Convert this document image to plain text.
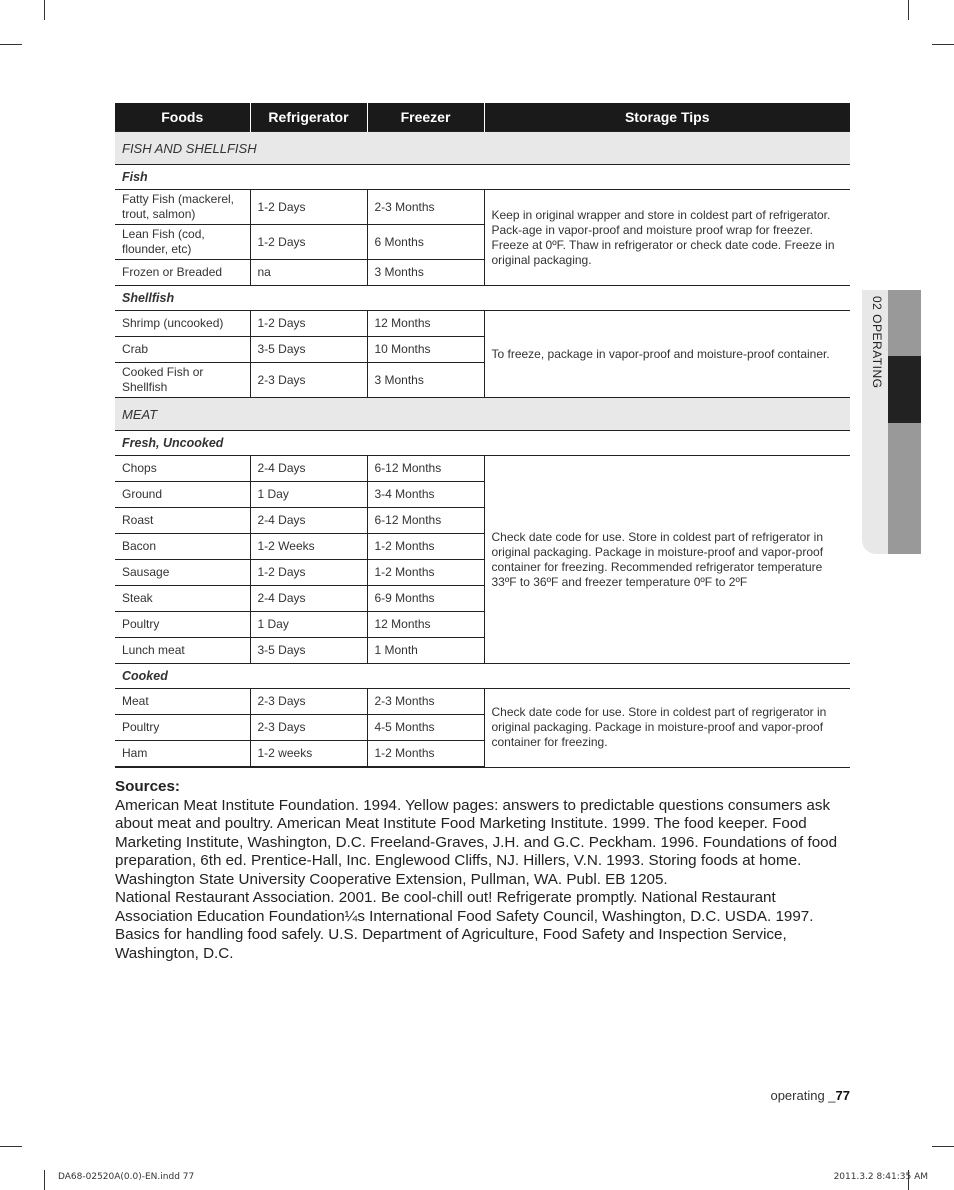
Foods	Refrigerator	Freezer	Storage Tips
FISH AND SHELLFISH			
Fish			
Fatty Fish (mackerel, trout, salmon)	1-2 Days	2-3 Months	Keep in original wrapper and store in coldest part of refrigerator. Pack-age in vapor-proof and moisture proof wrap for freezer. Freeze at 0ºF. Thaw in refrigerator or check date code. Freeze in original packaging.
Lean Fish (cod, flounder, etc)	1-2 Days	6 Months	
Frozen or Breaded	na	3 Months	
Shellfish			
Shrimp (uncooked)	1-2 Days	12 Months	To freeze, package in vapor-proof and moisture-proof container.
Crab	3-5 Days	10 Months	
Cooked Fish or Shellfish	2-3 Days	3 Months	
MEAT			
Fresh, Uncooked			
Chops	2-4 Days	6-12 Months	Check date code for use. Store in coldest part of refrigerator in original packaging. Package in moisture-proof and vapor-proof container for freezing. Recommended refrigerator temperature 33ºF to 36ºF and freezer temperature 0ºF to 2ºF
Ground	1 Day	3-4 Months	
Roast	2-4 Days	6-12 Months	
Bacon	1-2 Weeks	1-2 Months	
Sausage	1-2 Days	1-2 Months	
Steak	2-4 Days	6-9 Months	
Poultry	1 Day	12 Months	
Lunch meat	3-5 Days	1 Month	
Cooked			
Meat	2-3 Days	2-3 Months	Check date code for use. Store in coldest part of regrigerator in original packaging. Package in moisture-proof and vapor-proof container for freezing.
Poultry	2-3 Days	4-5 Months	
Ham	1-2 weeks	1-2 Months	
Sources:

American Meat Institute Foundation. 1994. Yellow pages: answers to predictable questions consumers ask about meat and poultry. American Meat Institute Food Marketing Institute. 1999. The food keeper. Food Marketing Institute, Washington, D.C. Freeland-Graves, J.H. and G.C. Peckham. 1996. Foundations of food preparation, 6th ed. Prentice-Hall, Inc. Englewood Cliffs, NJ. Hillers, V.N. 1993. Storing foods at home. Washington State University Cooperative Extension, Pullman, WA. Publ. EB 1205.

National Restaurant Association. 2001. Be cool-chill out! Refrigerate promptly. National Restaurant Association Education Foundation¼s International Food Safety Council, Washington, D.C. USDA. 1997. Basics for handling food safely. U.S. Department of Agriculture, Food Safety and Inspection Service, Washington, D.C.

02 OPERATING
operating _77
DA68-02520A(0.0)-EN.indd 77	2011.3.2 8:41:35 AM
